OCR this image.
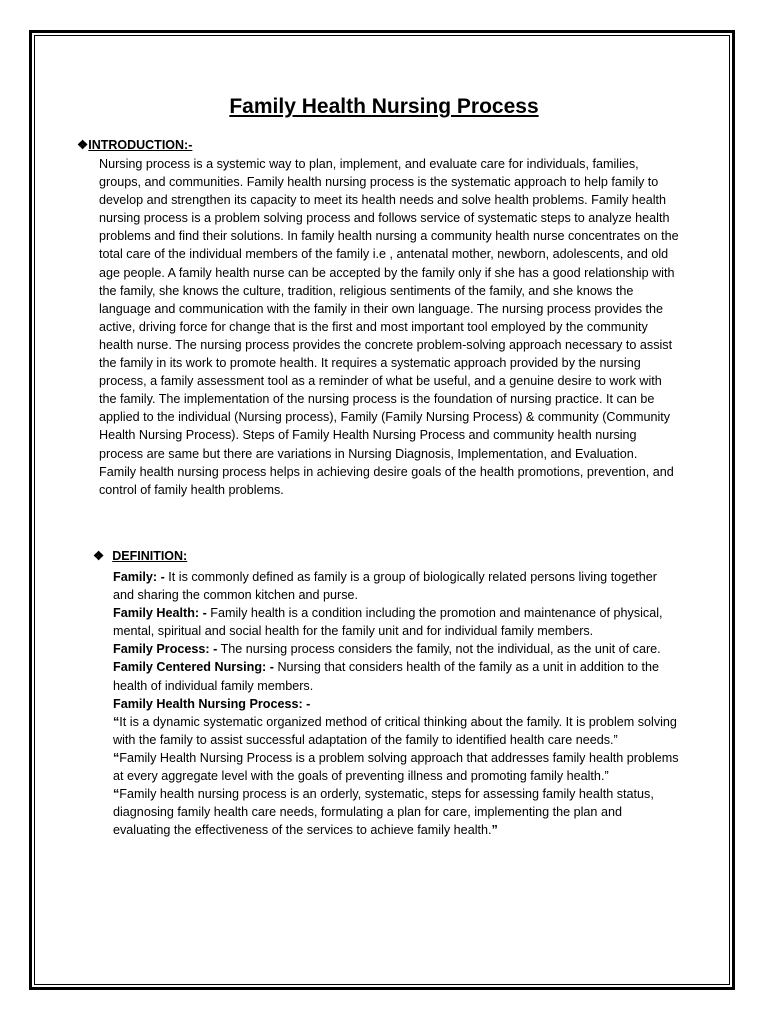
Family Health Nursing Process
❖INTRODUCTION:-

Nursing process is a systemic way to plan, implement, and evaluate care for individuals, families, groups, and communities. Family health nursing process is the systematic approach to help family to develop and strengthen its capacity to meet its health needs and solve health problems. Family health nursing process is a problem solving process and follows service of systematic steps to analyze health problems and find their solutions. In family health nursing a community health nurse concentrates on the total care of the individual members of the family i.e , antenatal mother, newborn, adolescents, and old age people. A family health nurse can be accepted by the family only if she has a good relationship with the family, she knows the culture, tradition, religious sentiments of the family, and she knows the language and communication with the family in their own language. The nursing process provides the active, driving force for change that is the first and most important tool employed by the community health nurse. The nursing process provides the concrete problem-solving approach necessary to assist the family in its work to promote health. It requires a systematic approach provided by the nursing process, a family assessment tool as a reminder of what be useful, and a genuine desire to work with the family. The implementation of the nursing process is the foundation of nursing practice. It can be applied to the individual (Nursing process), Family (Family Nursing Process) & community (Community Health Nursing Process). Steps of Family Health Nursing Process and community health nursing process are same but there are variations in Nursing Diagnosis, Implementation, and Evaluation.

Family health nursing process helps in achieving desire goals of the health promotions, prevention, and control of family health problems.

❖ DEFINITION:

Family: - It is commonly defined as family is a group of biologically related persons living together and sharing the common kitchen and purse.

Family Health: - Family health is a condition including the promotion and maintenance of physical, mental, spiritual and social health for the family unit and for individual family members.

Family Process: - The nursing process considers the family, not the individual, as the unit of care.

Family Centered Nursing: - Nursing that considers health of the family as a unit in addition to the health of individual family members.

Family Health Nursing Process: -

“It is a dynamic systematic organized method of critical thinking about the family. It is problem solving with the family to assist successful adaptation of the family to identified health care needs.”

“Family Health Nursing Process is a problem solving approach that addresses family health problems at every aggregate level with the goals of preventing illness and promoting family health.”

“Family health nursing process is an orderly, systematic, steps for assessing family health status, diagnosing family health care needs, formulating a plan for care, implementing the plan and evaluating the effectiveness of the services to achieve family health.”
